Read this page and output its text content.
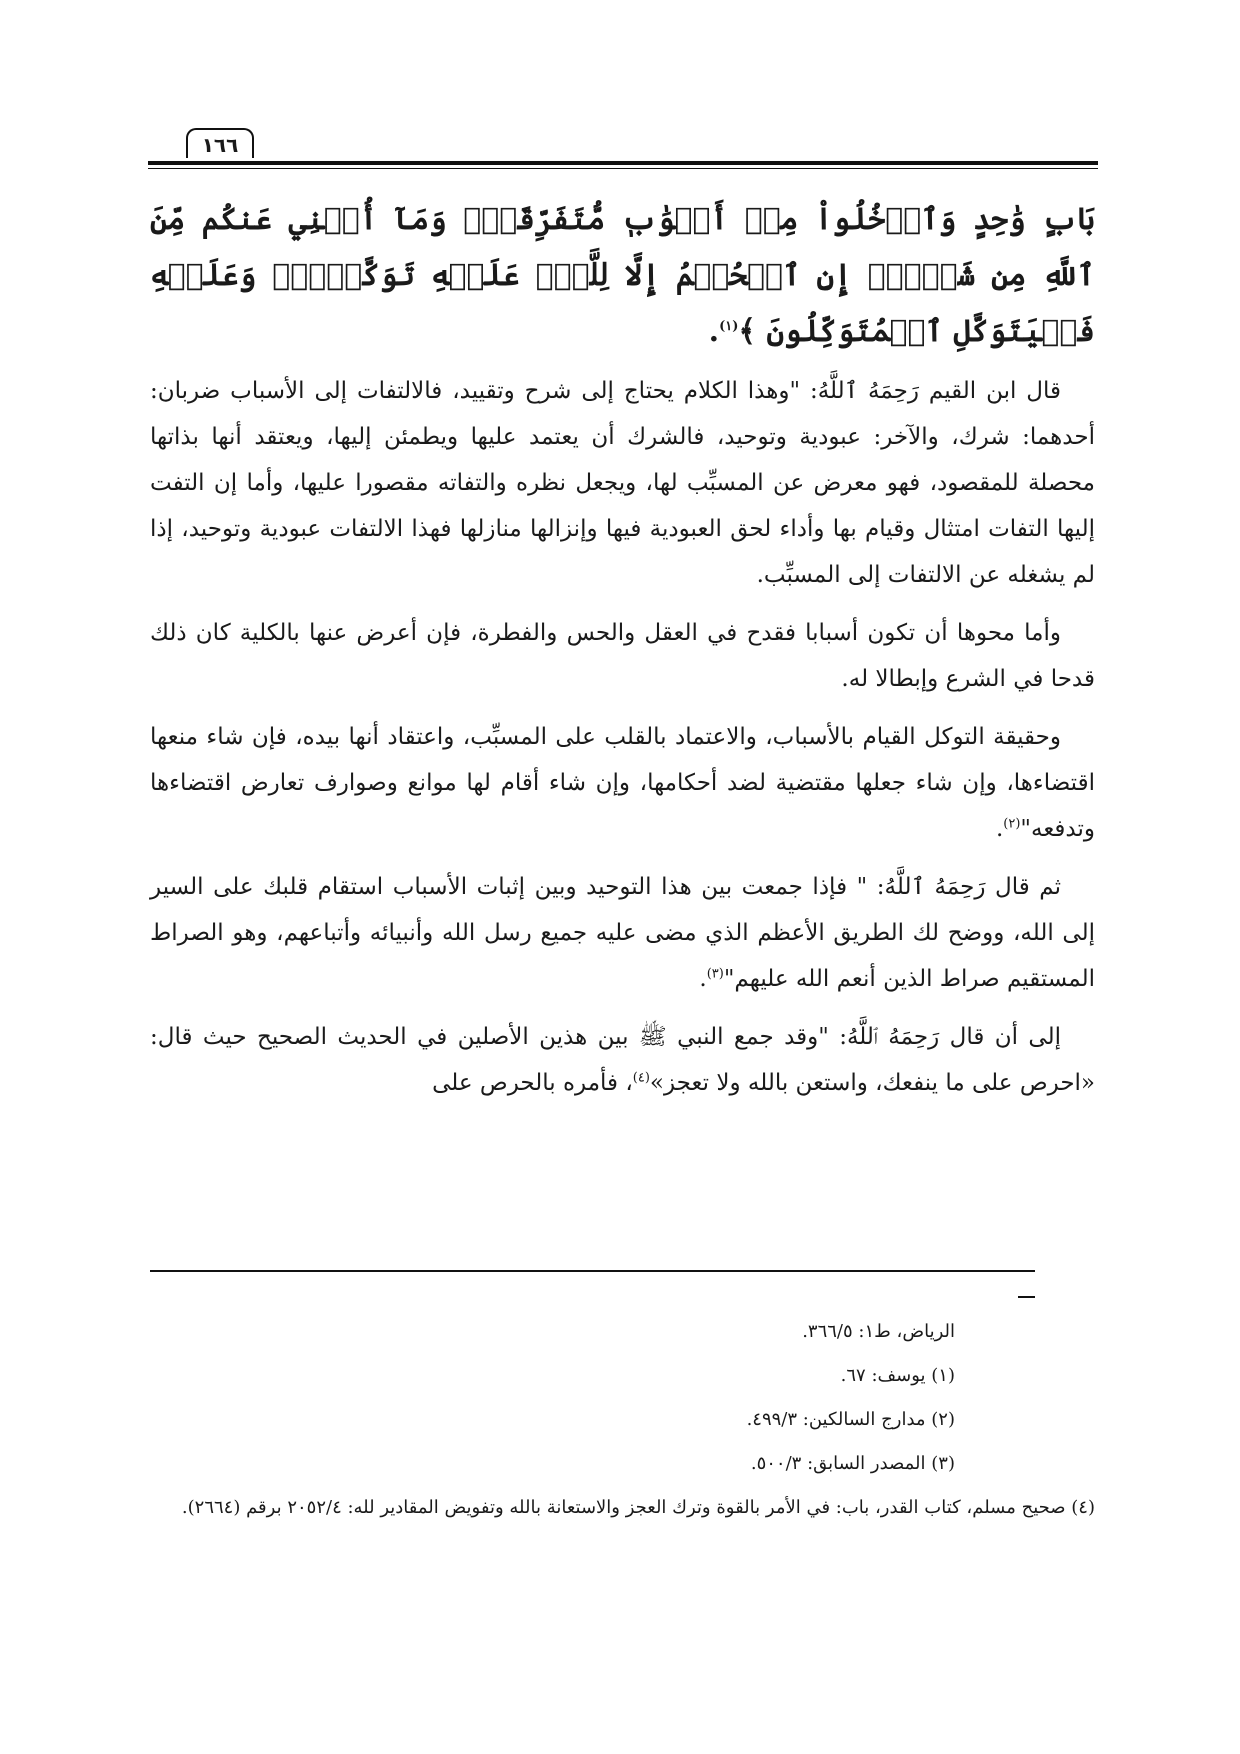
١٦٦

بَابٍ وَٰحِدٍ وَٱدۡخُلُواْ مِنۡ أَبۡوَٰبٖ مُّتَفَرِّقَةٖۖ وَمَآ أُغۡنِي عَنكُم مِّنَ ٱللَّهِ مِن شَيۡءٍۖ إِنِ ٱلۡحُكۡمُ إِلَّا لِلَّهِۖ عَلَيۡهِ تَوَكَّلۡتُۖ وَعَلَيۡهِ فَلۡيَتَوَكَّلِ ٱلۡمُتَوَكِّلُونَ ﴾$^{(١)}$.

قال ابن القيم رَحِمَهُ ٱللَّهُ: "وهذا الكلام يحتاج إلى شرح وتقييد، فالالتفات إلى الأسباب ضربان: أحدهما: شرك، والآخر: عبودية وتوحيد، فالشرك أن يعتمد عليها ويطمئن إليها، ويعتقد أنها بذاتها محصلة للمقصود، فهو معرض عن المسبِّب لها، ويجعل نظره والتفاته مقصورا عليها، وأما إن التفت إليها التفات امتثال وقيام بها وأداء لحق العبودية فيها وإنزالها منازلها فهذا الالتفات عبودية وتوحيد، إذا لم يشغله عن الالتفات إلى المسبِّب.

وأما محوها أن تكون أسبابا فقدح في العقل والحس والفطرة، فإن أعرض عنها بالكلية كان ذلك قدحا في الشرع وإبطالا له.

وحقيقة التوكل القيام بالأسباب، والاعتماد بالقلب على المسبِّب، واعتقاد أنها بيده، فإن شاء منعها اقتضاءها، وإن شاء جعلها مقتضية لضد أحكامها، وإن شاء أقام لها موانع وصوارف تعارض اقتضاءها وتدفعه"$^{(٢)}$.

ثم قال رَحِمَهُ ٱللَّهُ: " فإذا جمعت بين هذا التوحيد وبين إثبات الأسباب استقام قلبك على السير إلى الله، ووضح لك الطريق الأعظم الذي مضى عليه جميع رسل الله وأنبيائه وأتباعهم، وهو الصراط المستقيم صراط الذين أنعم الله عليهم"$^{(٣)}$.

إلى أن قال رَحِمَهُ ٱللَّهُ: "وقد جمع النبي ﷺ بين هذين الأصلين في الحديث الصحيح حيث قال: «احرص على ما ينفعك، واستعن بالله ولا تعجز»$^{(٤)}$، فأمره بالحرص على

الرياض، ط١: ٣٦٦/٥.

(١) يوسف: ٦٧.

(٢) مدارج السالكين: ٤٩٩/٣.

(٣) المصدر السابق: ٥٠٠/٣.

(٤) صحيح مسلم، كتاب القدر، باب: في الأمر بالقوة وترك العجز والاستعانة بالله وتفويض المقادير لله: ٢٠٥٢/٤ برقم (٢٦٦٤).
